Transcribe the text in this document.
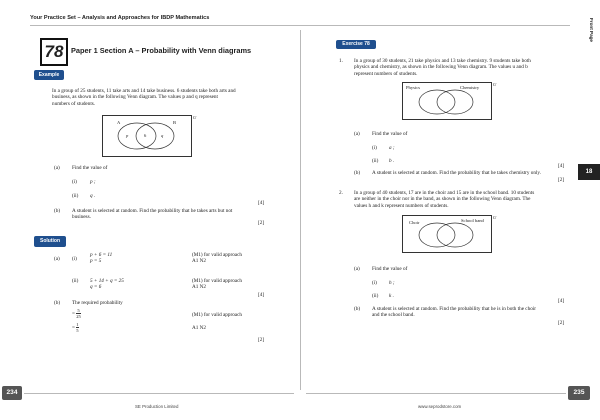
Your Practice Set – Analysis and Approaches for IBDP Mathematics	Front Page
78	Paper 1 Section A – Probability with Venn diagrams
Example
In a group of 25 students, 11 take arts and 14 take business. 6 students take both arts and
business, as shown in the following Venn diagram. The values p and q represent
numbers of students.
A	B
p	6	q
U
(a) Find the value of
(i)	p ;
(ii) q .
[4]
(b) A student is selected at random. Find the probability that he takes arts but not
business.
[2]
Solution
(a) (i)
p + 6 = 11
p = 5
(M1) for valid approach
A1 N2
(ii) 5 + 14 + q = 25
q = 6
(M1) for valid approach
A1 N2
[4]
(b) The required probability
= $\frac{5}{25}$
= $\frac{1}{5}$
(M1) for valid approach
A1 N2
[2]
234
SE Production Limited
Exercise 78
1. In a group of 30 students, 21 take physics and 13 take chemistry. 9 students take both
physics and chemistry, as shown in the following Venn diagram. The values u and b
represent numbers of students.
Physics	Chemistry
U
(a) Find the value of
(i) a ;
(ii) b .
[4]
(b) A student is selected at random. Find the probability that he takes chemistry only.
[2]
2. In a group of 40 students, 17 are in the choir and 15 are in the school band. 10 students
are neither in the choir nor in the band, as shown in the following Venn diagram. The
values h and k represent numbers of students.
Choir	School band
U
(a) Find the value of
(i) h ;
(ii) k .
[4]
(b) A student is selected at random. Find the probability that he is in both the choir
and the school band.
[2]
18
235
www.seprodstore.com
